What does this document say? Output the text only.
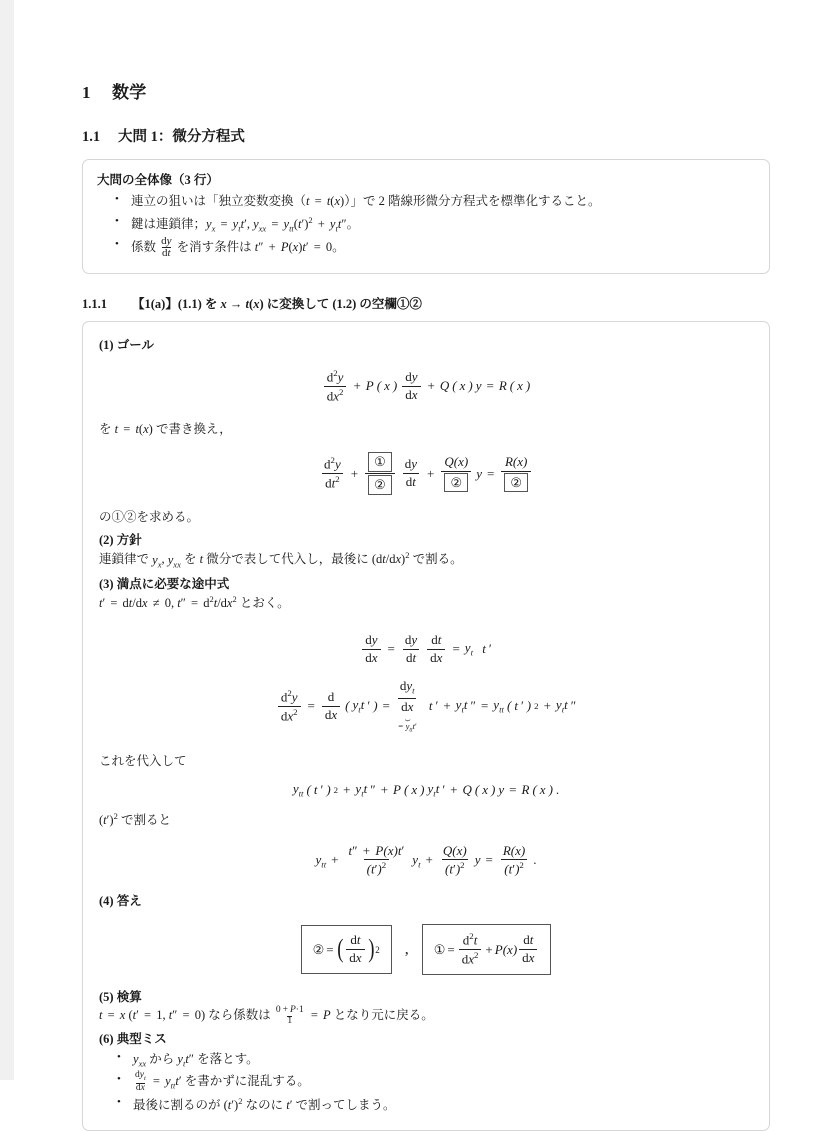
1 数学
1.1 大問 1：微分方程式
大問の全体像（3 行）
• 連立の狙いは「独立変数変換（t = t(x)）」で 2 階線形微分方程式を標準化すること。
• 鍵は連鎖律；$y_x = y_tt'$, $y_{xx} = y_{tt}(t')^2 + y_tt''$。
• 係数 $\frac{dy}{dt}$ を消す条件は t″ + P(x)t′ = 0。
1.1.1 【1(a)】(1.1) を x → t(x) に変換して (1.2) の空欄①②
(1) ゴール
$\frac{d^2y}{dx^2} + P$ ( x ) $\frac{dy}{dx} + Q$ ( x ) y = R ( x )
を t = t(x) で書き換え，
$\frac{d^2y}{dt^2} + \frac{\text{①}}{\text{②}} \frac{dy}{dt} + \frac{Q(x)}{\text{②}}$ $y = \frac{R(x)}{\text{②}}$
の①②を求める。
(2) 方針
連鎖律で $y_x$, $y_{xx}$ を t 微分で表して代入し，最後に $(dt/dx)^2$ で割る。
(3) 満点に必要な途中式
t′ = dt/dx ≠ 0, $t'' = d^2t/dx^2$ とおく。
$\frac{dy}{dx} = \frac{dy}{dt} \frac{dt}{dx} = y_t$
t ′
$\frac{d^2y}{dx^2} = \frac{d}{dx}$ ( $y_tt$ ′ ) = $\frac{dy_t}{dx}$
⏟
= $y_{tt}t'$

t ′ + $y_tt$ ″ = $y_{tt}$ ( t ′ ) $2 + y_tt$ ″
これを代入して
$y_{tt}$ ( t ′ ) $2 + y_tt$ ″ + P ( x ) $y_tt$ ′ + Q ( x ) y = R ( x ) .
$(t')^2$ で割ると
$y_{tt} + \frac{t'' + P(x)t'}{(t')^2} y_t + \frac{Q(x)}{(t')^2}$ $y = \frac{R(x)}{(t')^2}$ .
(4) 答え
② = ( $\frac{dt}{dx}$ ) 2 , ① = $\frac{d^2t}{dx^2} + P$ ( x ) $\frac{dt}{dx}$
(5) 検算
t = x (t′ = 1, t″ = 0) なら係数は $\frac{0 + P\cdot 1}{1} = P$ となり元に戻る。
(6) 典型ミス
• $y_{xx}$ から $y_tt''$ を落とす。
• $\frac{dy_t}{dx} = y_{tt}t'$ を書かずに混乱する。
• 最後に割るのが $(t')^2$ なのに t′ で割ってしまう。
